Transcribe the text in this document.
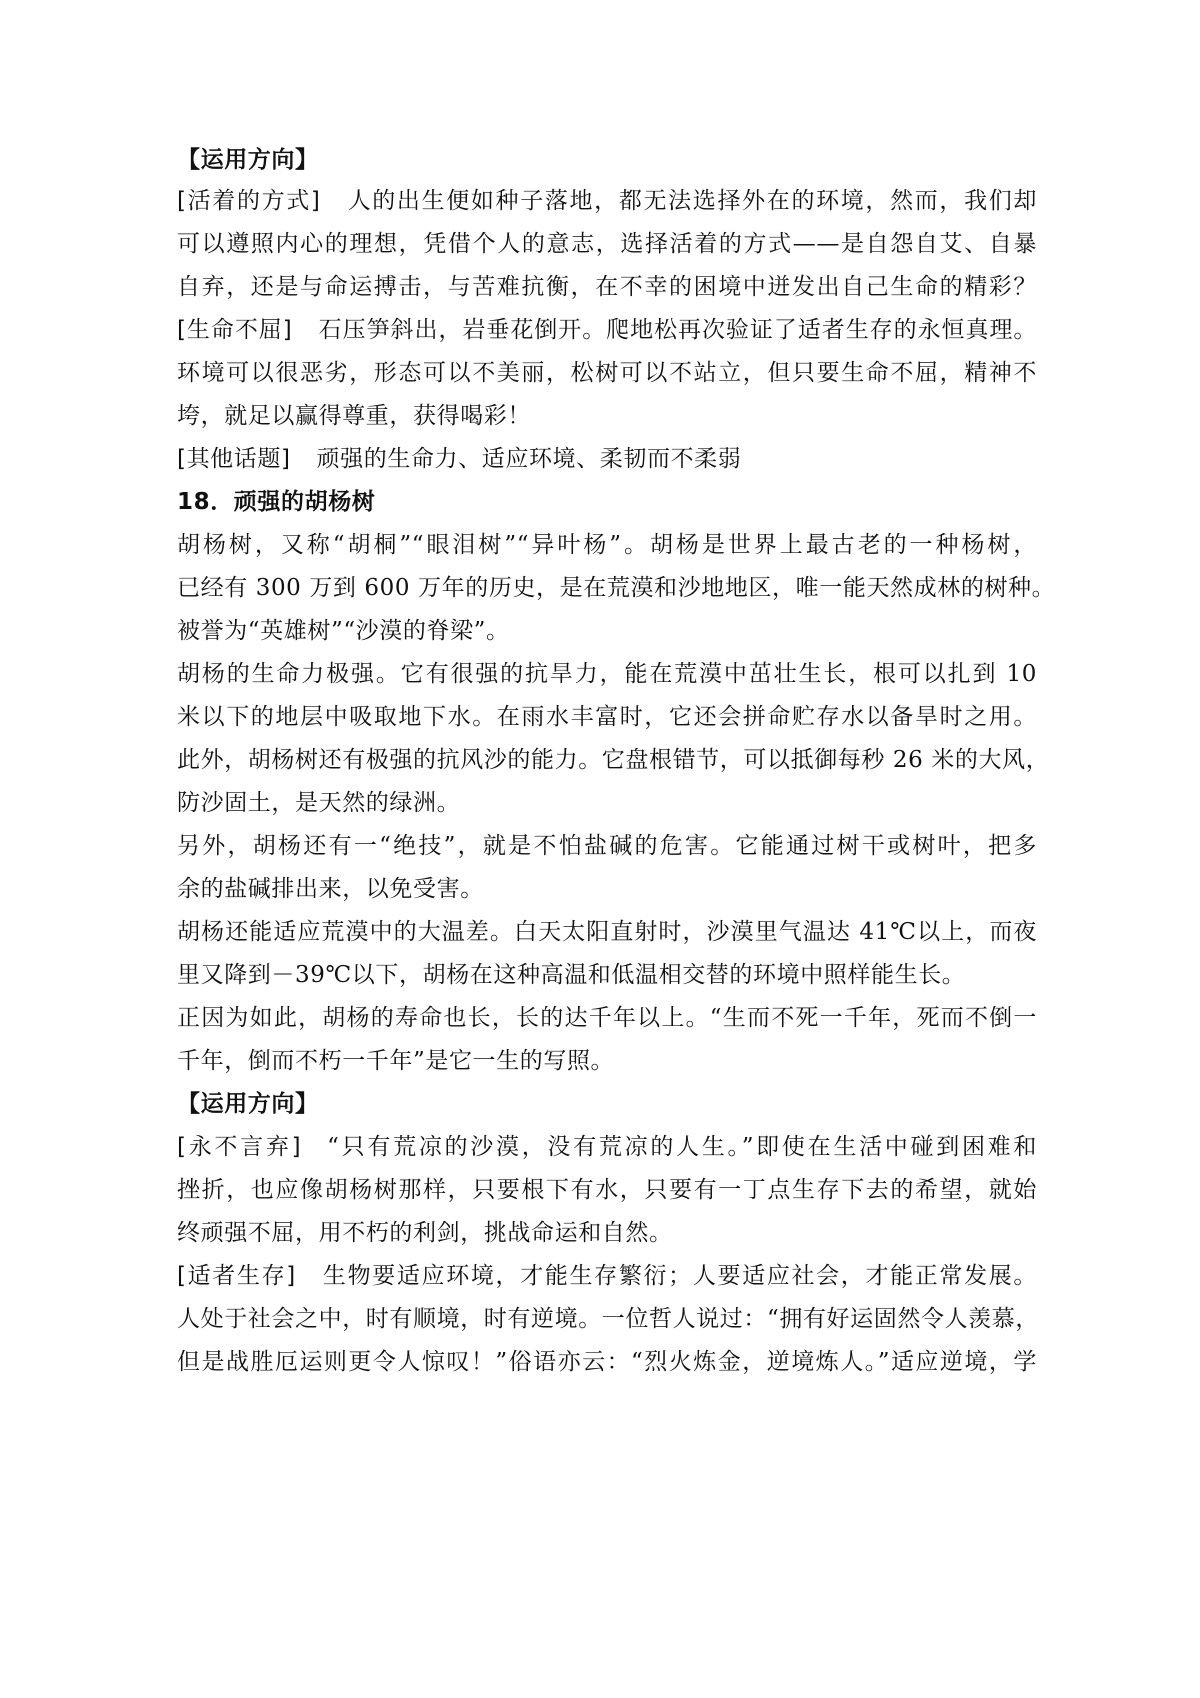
【运用方向】
[活着的方式] 人的出生便如种子落地，都无法选择外在的环境，然而，我们却
可以遵照内心的理想，凭借个人的意志，选择活着的方式——是自怨自艾、自暴
自弃，还是与命运搏击，与苦难抗衡，在不幸的困境中迸发出自己生命的精彩？
[生命不屈] 石压笋斜出，岩垂花倒开。爬地松再次验证了适者生存的永恒真理。
环境可以很恶劣，形态可以不美丽，松树可以不站立，但只要生命不屈，精神不
垮，就足以赢得尊重，获得喝彩！
[其他话题] 顽强的生命力、适应环境、柔韧而不柔弱
18．顽强的胡杨树
胡杨树，又称“胡桐”“眼泪树”“异叶杨”。胡杨是世界上最古老的一种杨树，
已经有 300 万到 600 万年的历史，是在荒漠和沙地地区，唯一能天然成林的树种。
被誉为“英雄树”“沙漠的脊梁”。
胡杨的生命力极强。它有很强的抗旱力，能在荒漠中茁壮生长，根可以扎到 10
米以下的地层中吸取地下水。在雨水丰富时，它还会拼命贮存水以备旱时之用。
此外，胡杨树还有极强的抗风沙的能力。它盘根错节，可以抵御每秒 26 米的大风，
防沙固土，是天然的绿洲。
另外，胡杨还有一“绝技”，就是不怕盐碱的危害。它能通过树干或树叶，把多
余的盐碱排出来，以免受害。
胡杨还能适应荒漠中的大温差。白天太阳直射时，沙漠里气温达 41℃以上，而夜
里又降到－39℃以下，胡杨在这种高温和低温相交替的环境中照样能生长。
正因为如此，胡杨的寿命也长，长的达千年以上。“生而不死一千年，死而不倒一
千年，倒而不朽一千年”是它一生的写照。
【运用方向】
[永不言弃] “只有荒凉的沙漠，没有荒凉的人生。”即使在生活中碰到困难和
挫折，也应像胡杨树那样，只要根下有水，只要有一丁点生存下去的希望，就始
终顽强不屈，用不朽的利剑，挑战命运和自然。
[适者生存] 生物要适应环境，才能生存繁衍；人要适应社会，才能正常发展。
人处于社会之中，时有顺境，时有逆境。一位哲人说过：“拥有好运固然令人羡慕，
但是战胜厄运则更令人惊叹！”俗语亦云：“烈火炼金，逆境炼人。”适应逆境，学
